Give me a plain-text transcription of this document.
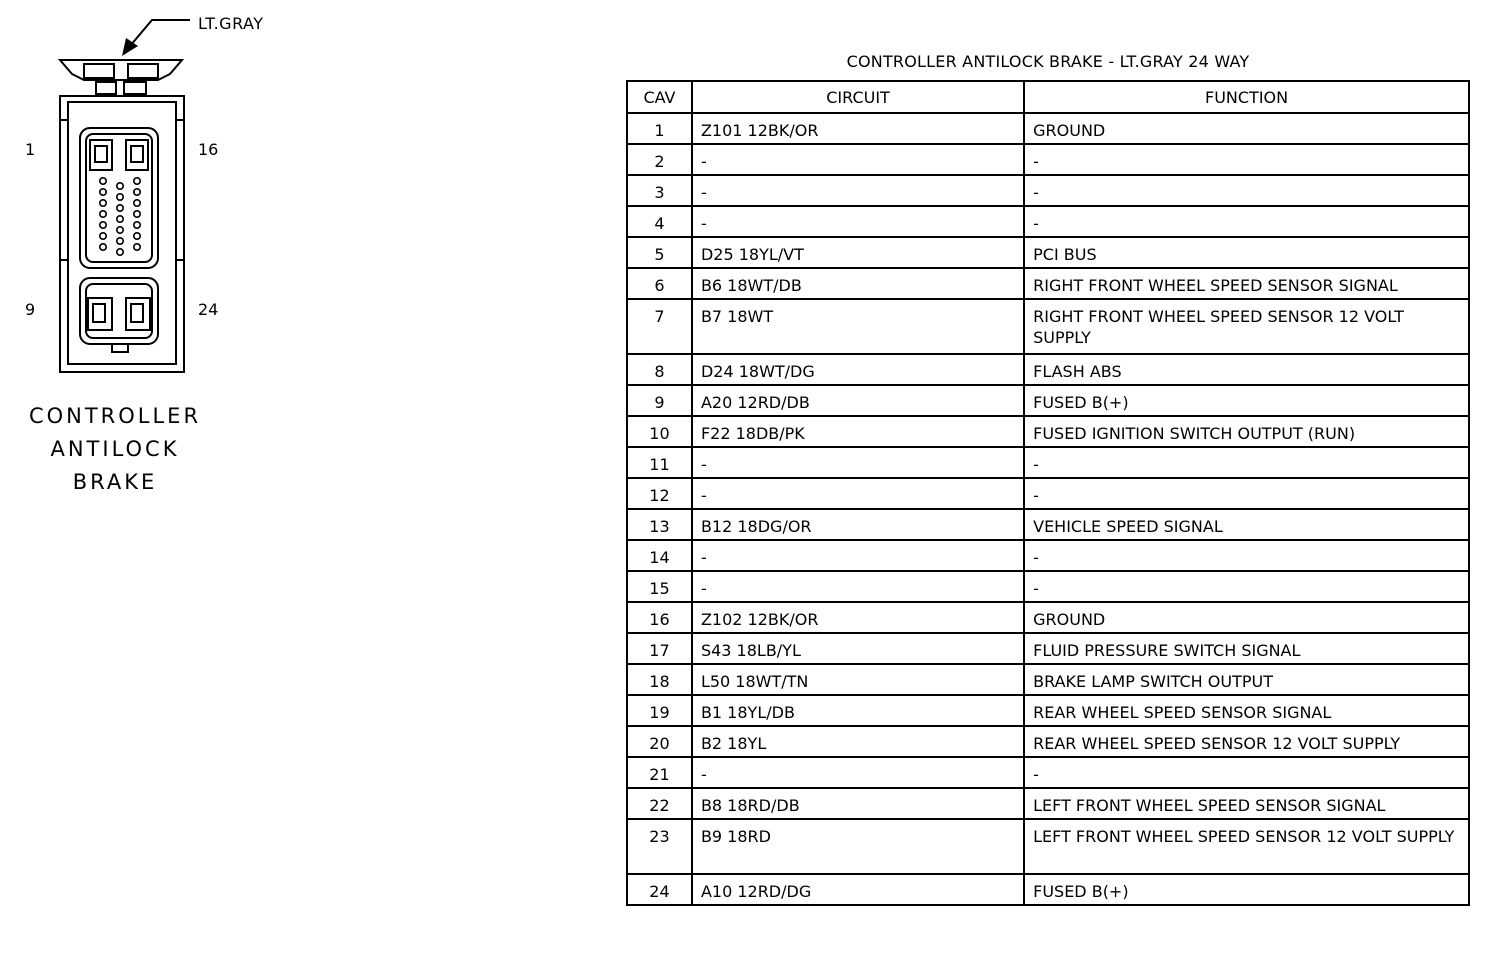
LT.GRAY
1	16
9	24
CONTROLLER
ANTILOCK
BRAKE
CONTROLLER ANTILOCK BRAKE - LT.GRAY 24 WAY
CAV	CIRCUIT	FUNCTION
1	Z101 12BK/OR	GROUND
2	-	-
3	-	-
4	-	-
5	D25 18YL/VT	PCI BUS
6	B6 18WT/DB	RIGHT FRONT WHEEL SPEED SENSOR SIGNAL
7	B7 18WT	RIGHT FRONT WHEEL SPEED SENSOR 12 VOLT SUPPLY
8	D24 18WT/DG	FLASH ABS
9	A20 12RD/DB	FUSED B(+)
10	F22 18DB/PK	FUSED IGNITION SWITCH OUTPUT (RUN)
11	-	-
12	-	-
13	B12 18DG/OR	VEHICLE SPEED SIGNAL
14	-	-
15	-	-
16	Z102 12BK/OR	GROUND
17	S43 18LB/YL	FLUID PRESSURE SWITCH SIGNAL
18	L50 18WT/TN	BRAKE LAMP SWITCH OUTPUT
19	B1 18YL/DB	REAR WHEEL SPEED SENSOR SIGNAL
20	B2 18YL	REAR WHEEL SPEED SENSOR 12 VOLT SUPPLY
21	-	-
22	B8 18RD/DB	LEFT FRONT WHEEL SPEED SENSOR SIGNAL
23	B9 18RD	LEFT FRONT WHEEL SPEED SENSOR 12 VOLT SUPPLY
24	A10 12RD/DG	FUSED B(+)
